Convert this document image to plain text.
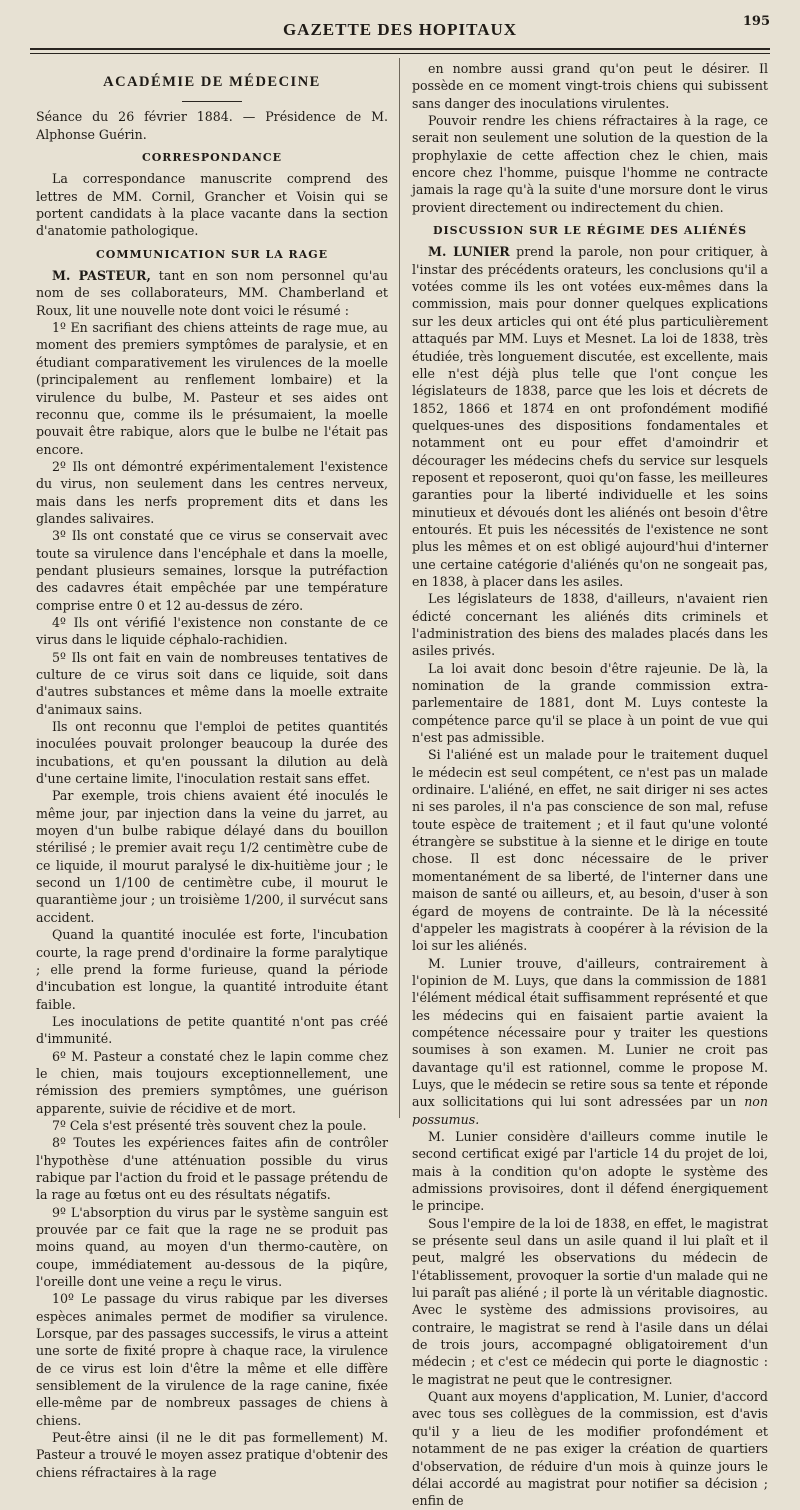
GAZETTE DES HOPITAUX	195
ACADÉMIE DE MÉDECINE

Séance du 26 février 1884. — Présidence de M. Alphonse Guérin.

CORRESPONDANCE

La correspondance manuscrite comprend des lettres de MM. Cornil, Grancher et Voisin qui se portent candidats à la place vacante dans la section d'anatomie pathologique.

COMMUNICATION SUR LA RAGE

M. PASTEUR, tant en son nom personnel qu'au nom de ses collaborateurs, MM. Chamberland et Roux, lit une nouvelle note dont voici le résumé :

1º En sacrifiant des chiens atteints de rage mue, au moment des premiers symptômes de paralysie, et en étudiant comparativement les virulences de la moelle (principalement au renflement lombaire) et la virulence du bulbe, M. Pasteur et ses aides ont reconnu que, comme ils le présumaient, la moelle pouvait être rabique, alors que le bulbe ne l'était pas encore.

2º Ils ont démontré expérimentalement l'existence du virus, non seulement dans les centres nerveux, mais dans les nerfs proprement dits et dans les glandes salivaires.

3º Ils ont constaté que ce virus se conservait avec toute sa virulence dans l'encéphale et dans la moelle, pendant plusieurs semaines, lorsque la putréfaction des cadavres était empêchée par une température comprise entre 0 et 12 au-dessus de zéro.

4º Ils ont vérifié l'existence non constante de ce virus dans le liquide céphalo-rachidien.

5º Ils ont fait en vain de nombreuses tentatives de culture de ce virus soit dans ce liquide, soit dans d'autres substances et même dans la moelle extraite d'animaux sains.

Ils ont reconnu que l'emploi de petites quantités inoculées pouvait prolonger beaucoup la durée des incubations, et qu'en poussant la dilution au delà d'une certaine limite, l'inoculation restait sans effet.

Par exemple, trois chiens avaient été inoculés le même jour, par injection dans la veine du jarret, au moyen d'un bulbe rabique délayé dans du bouillon stérilisé ; le premier avait reçu 1/2 centimètre cube de ce liquide, il mourut paralysé le dix-huitième jour ; le second un 1/100 de centimètre cube, il mourut le quarantième jour ; un troisième 1/200, il survécut sans accident.

Quand la quantité inoculée est forte, l'incubation courte, la rage prend d'ordinaire la forme paralytique ; elle prend la forme furieuse, quand la période d'incubation est longue, la quantité introduite étant faible.

Les inoculations de petite quantité n'ont pas créé d'immunité.

6º M. Pasteur a constaté chez le lapin comme chez le chien, mais toujours exceptionnellement, une rémission des premiers symptômes, une guérison apparente, suivie de récidive et de mort.

7º Cela s'est présenté très souvent chez la poule.

8º Toutes les expériences faites afin de contrôler l'hypothèse d'une atténuation possible du virus rabique par l'action du froid et le passage prétendu de la rage au fœtus ont eu des résultats négatifs.

9º L'absorption du virus par le système sanguin est prouvée par ce fait que la rage ne se produit pas moins quand, au moyen d'un thermo-cautère, on coupe, immédiatement au-dessous de la piqûre, l'oreille dont une veine a reçu le virus.

10º Le passage du virus rabique par les diverses espèces animales permet de modifier sa virulence. Lorsque, par des passages successifs, le virus a atteint une sorte de fixité propre à chaque race, la virulence de ce virus est loin d'être la même et elle diffère sensiblement de la virulence de la rage canine, fixée elle-même par de nombreux passages de chiens à chiens.

Peut-être ainsi (il ne le dit pas formellement) M. Pasteur a trouvé le moyen assez pratique d'obtenir des chiens réfractaires à la rage

en nombre aussi grand qu'on peut le désirer. Il possède en ce moment vingt-trois chiens qui subissent sans danger des inoculations virulentes.

Pouvoir rendre les chiens réfractaires à la rage, ce serait non seulement une solution de la question de la prophylaxie de cette affection chez le chien, mais encore chez l'homme, puisque l'homme ne contracte jamais la rage qu'à la suite d'une morsure dont le virus provient directement ou indirectement du chien.

DISCUSSION SUR LE RÉGIME DES ALIÉNÉS

M. LUNIER prend la parole, non pour critiquer, à l'instar des précédents orateurs, les conclusions qu'il a votées comme ils les ont votées eux-mêmes dans la commission, mais pour donner quelques explications sur les deux articles qui ont été plus particulièrement attaqués par MM. Luys et Mesnet. La loi de 1838, très étudiée, très longuement discutée, est excellente, mais elle n'est déjà plus telle que l'ont conçue les législateurs de 1838, parce que les lois et décrets de 1852, 1866 et 1874 en ont profondément modifié quelques-unes des dispositions fondamentales et notamment ont eu pour effet d'amoindrir et décourager les médecins chefs du service sur lesquels reposent et reposeront, quoi qu'on fasse, les meilleures garanties pour la liberté individuelle et les soins minutieux et dévoués dont les aliénés ont besoin d'être entourés. Et puis les nécessités de l'existence ne sont plus les mêmes et on est obligé aujourd'hui d'interner une certaine catégorie d'aliénés qu'on ne songeait pas, en 1838, à placer dans les asiles.

Les législateurs de 1838, d'ailleurs, n'avaient rien édicté concernant les aliénés dits criminels et l'administration des biens des malades placés dans les asiles privés.

La loi avait donc besoin d'être rajeunie. De là, la nomination de la grande commission extra-parlementaire de 1881, dont M. Luys conteste la compétence parce qu'il se place à un point de vue qui n'est pas admissible.

Si l'aliéné est un malade pour le traitement duquel le médecin est seul compétent, ce n'est pas un malade ordinaire. L'aliéné, en effet, ne sait diriger ni ses actes ni ses paroles, il n'a pas conscience de son mal, refuse toute espèce de traitement ; et il faut qu'une volonté étrangère se substitue à la sienne et le dirige en toute chose. Il est donc nécessaire de le priver momentanément de sa liberté, de l'interner dans une maison de santé ou ailleurs, et, au besoin, d'user à son égard de moyens de contrainte. De là la nécessité d'appeler les magistrats à coopérer à la révision de la loi sur les aliénés.

M. Lunier trouve, d'ailleurs, contrairement à l'opinion de M. Luys, que dans la commission de 1881 l'élément médical était suffisamment représenté et que les médecins qui en faisaient partie avaient la compétence nécessaire pour y traiter les questions soumises à son examen. M. Lunier ne croit pas davantage qu'il est rationnel, comme le propose M. Luys, que le médecin se retire sous sa tente et réponde aux sollicitations qui lui sont adressées par un non possumus.

M. Lunier considère d'ailleurs comme inutile le second certificat exigé par l'article 14 du projet de loi, mais à la condition qu'on adopte le système des admissions provisoires, dont il défend énergiquement le principe.

Sous l'empire de la loi de 1838, en effet, le magistrat se présente seul dans un asile quand il lui plaît et il peut, malgré les observations du médecin de l'établissement, provoquer la sortie d'un malade qui ne lui paraît pas aliéné ; il porte là un véritable diagnostic. Avec le système des admissions provisoires, au contraire, le magistrat se rend à l'asile dans un délai de trois jours, accompagné obligatoirement d'un médecin ; et c'est ce médecin qui porte le diagnostic : le magistrat ne peut que le contresigner.

Quant aux moyens d'application, M. Lunier, d'accord avec tous ses collègues de la commission, est d'avis qu'il y a lieu de les modifier profondément et notamment de ne pas exiger la création de quartiers d'observation, de réduire d'un mois à quinze jours le délai accordé au magistrat pour notifier sa décision ; enfin de
